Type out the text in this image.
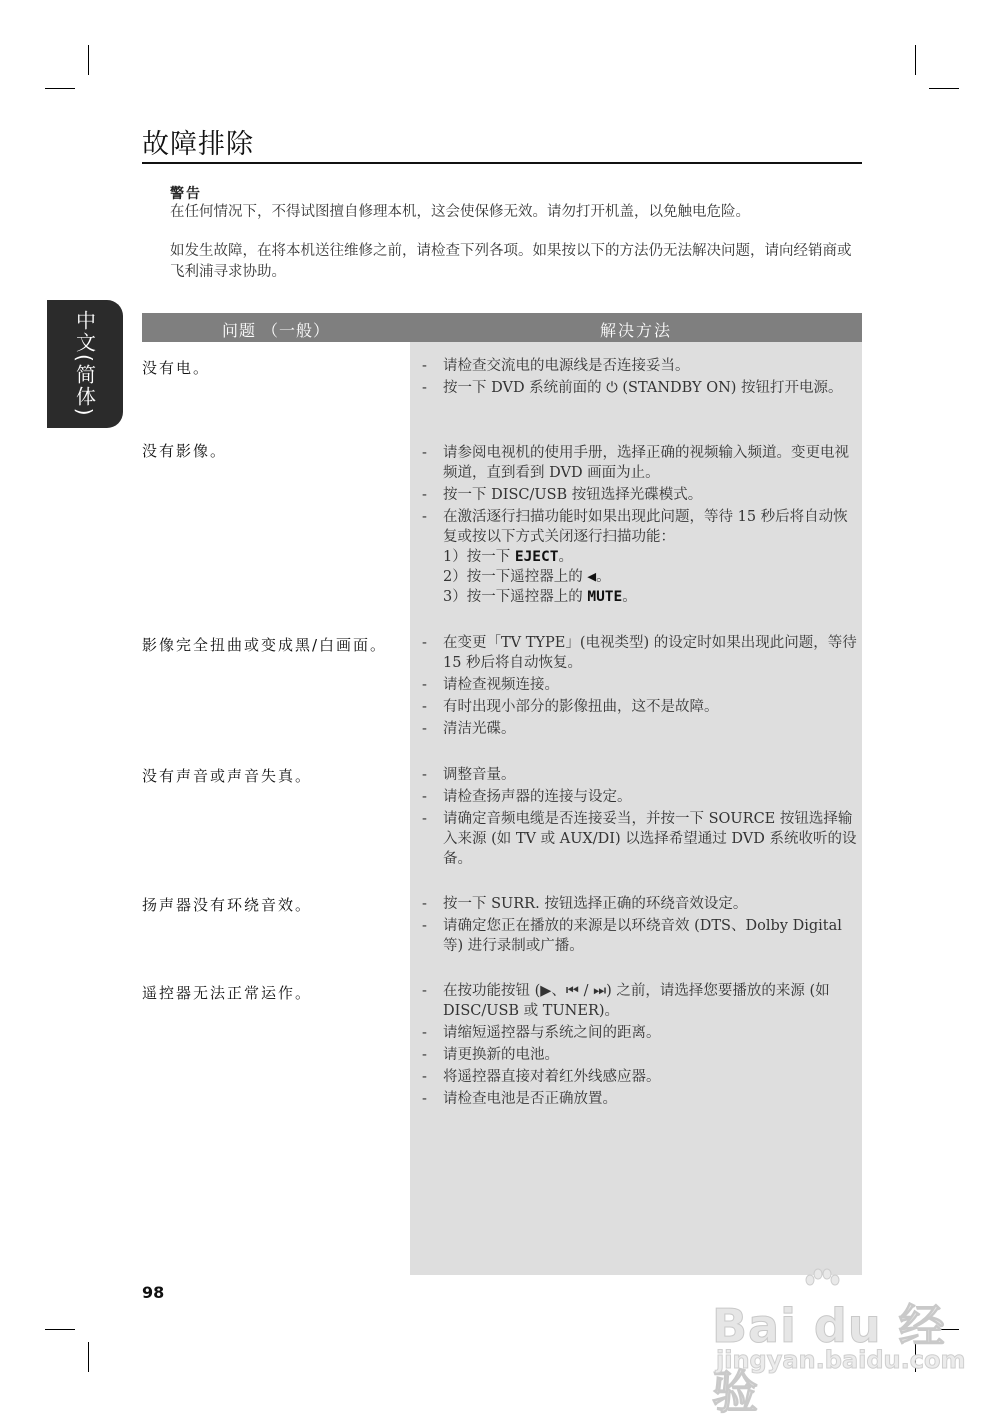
故障排除
警告
在任何情况下，不得试图擅自修理本机，这会使保修无效。请勿打开机盖，以免触电危险。
如发生故障，在将本机送往维修之前，请检查下列各项。如果按以下的方法仍无法解决问题，请向经销商或飞利浦寻求协助。
中文(简体)	问题 （一般）	解决方法
没有电。	- 请检查交流电的电源线是否连接妥当。
- 按一下 DVD 系统前面的 ⏻ (STANDBY ON) 按钮打开电源。
没有影像。	- 请参阅电视机的使用手册，选择正确的视频输入频道。变更电视频道，直到看到 DVD 画面为止。
- 按一下 DISC/USB 按钮选择光碟模式。
- 在激活逐行扫描功能时如果出现此问题，等待 15 秒后将自动恢复或按以下方式关闭逐行扫描功能：
1）按一下 EJECT。
2）按一下遥控器上的 ◀。
3）按一下遥控器上的 MUTE。
影像完全扭曲或变成黑/白画面。	- 在变更「TV TYPE」(电视类型) 的设定时如果出现此问题，等待 15 秒后将自动恢复。
- 请检查视频连接。
- 有时出现小部分的影像扭曲，这不是故障。
- 清洁光碟。
没有声音或声音失真。	- 调整音量。
- 请检查扬声器的连接与设定。
- 请确定音频电缆是否连接妥当，并按一下 SOURCE 按钮选择输入来源 (如 TV 或 AUX/DI) 以选择希望通过 DVD 系统收听的设备。
扬声器没有环绕音效。	- 按一下 SURR. 按钮选择正确的环绕音效设定。
- 请确定您正在播放的来源是以环绕音效 (DTS、Dolby Digital 等) 进行录制或广播。
遥控器无法正常运作。	- 在按功能按钮 (▶、⏮ / ⏭) 之前，请选择您要播放的来源 (如 DISC/USB 或 TUNER)。
- 请缩短遥控器与系统之间的距离。
- 请更换新的电池。
- 将遥控器直接对着红外线感应器。
- 请检查电池是否正确放置。
98
Bai du 经验
jingyan.baidu.com
